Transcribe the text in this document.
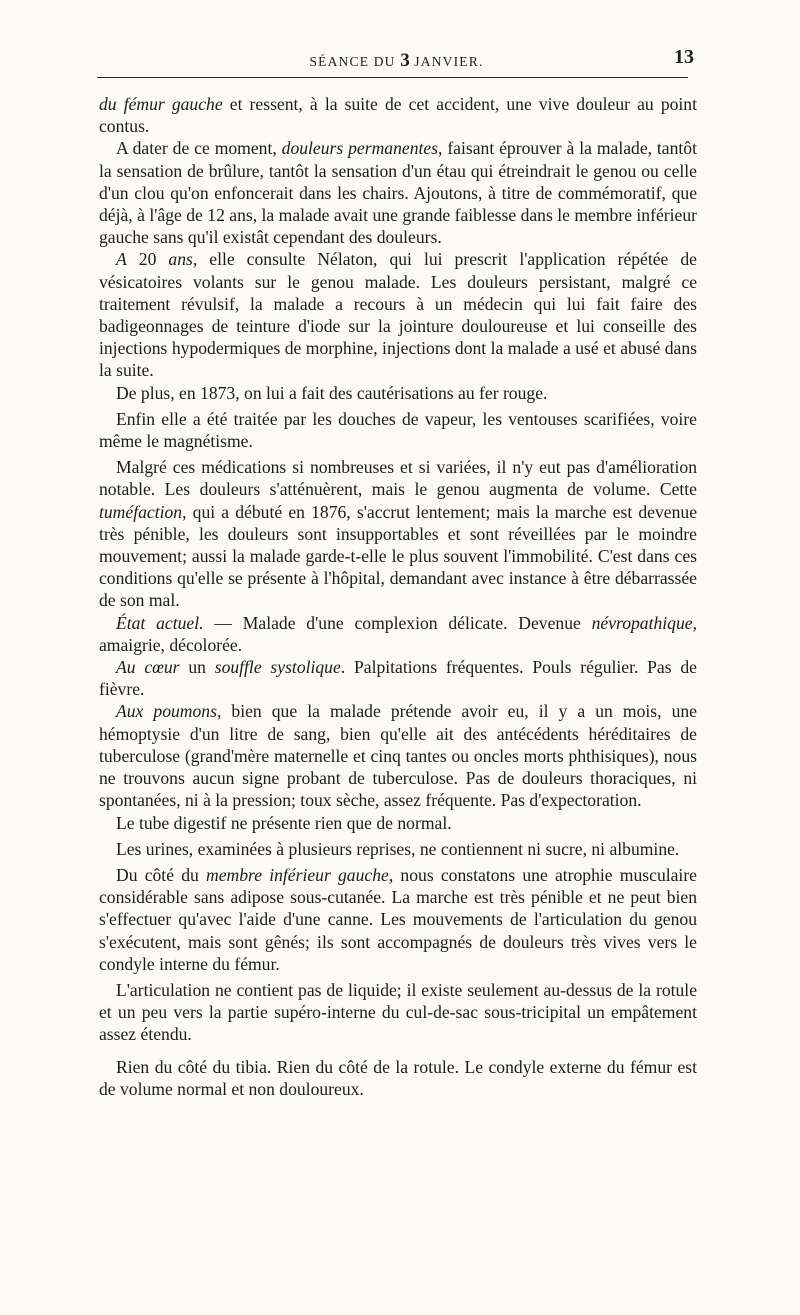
SÉANCE DU 3 JANVIER.	13

du fémur gauche et ressent, à la suite de cet accident, une vive douleur au point contus.

A dater de ce moment, douleurs permanentes, faisant éprouver à la malade, tantôt la sensation de brûlure, tantôt la sensation d'un étau qui étreindrait le genou ou celle d'un clou qu'on enfoncerait dans les chairs. Ajoutons, à titre de commémoratif, que déjà, à l'âge de 12 ans, la malade avait une grande faiblesse dans le membre inférieur gauche sans qu'il existât cependant des douleurs.

A 20 ans, elle consulte Nélaton, qui lui prescrit l'application répétée de vésicatoires volants sur le genou malade. Les douleurs persistant, malgré ce traitement révulsif, la malade a recours à un médecin qui lui fait faire des badigeonnages de teinture d'iode sur la jointure douloureuse et lui conseille des injections hypodermiques de morphine, injections dont la malade a usé et abusé dans la suite.

De plus, en 1873, on lui a fait des cautérisations au fer rouge.

Enfin elle a été traitée par les douches de vapeur, les ventouses scarifiées, voire même le magnétisme.

Malgré ces médications si nombreuses et si variées, il n'y eut pas d'amélioration notable. Les douleurs s'atténuèrent, mais le genou augmenta de volume. Cette tuméfaction, qui a débuté en 1876, s'accrut lentement; mais la marche est devenue très pénible, les douleurs sont insupportables et sont réveillées par le moindre mouvement; aussi la malade garde-t-elle le plus souvent l'immobilité. C'est dans ces conditions qu'elle se présente à l'hôpital, demandant avec instance à être débarrassée de son mal.

État actuel. — Malade d'une complexion délicate. Devenue névropathique, amaigrie, décolorée.

Au cœur un souffle systolique. Palpitations fréquentes. Pouls régulier. Pas de fièvre.

Aux poumons, bien que la malade prétende avoir eu, il y a un mois, une hémoptysie d'un litre de sang, bien qu'elle ait des antécédents héréditaires de tuberculose (grand'mère maternelle et cinq tantes ou oncles morts phthisiques), nous ne trouvons aucun signe probant de tuberculose. Pas de douleurs thoraciques, ni spontanées, ni à la pression; toux sèche, assez fréquente. Pas d'expectoration.

Le tube digestif ne présente rien que de normal.

Les urines, examinées à plusieurs reprises, ne contiennent ni sucre, ni albumine.

Du côté du membre inférieur gauche, nous constatons une atrophie musculaire considérable sans adipose sous-cutanée. La marche est très pénible et ne peut bien s'effectuer qu'avec l'aide d'une canne. Les mouvements de l'articulation du genou s'exécutent, mais sont gênés; ils sont accompagnés de douleurs très vives vers le condyle interne du fémur.

L'articulation ne contient pas de liquide; il existe seulement au-dessus de la rotule et un peu vers la partie supéro-interne du cul-de-sac sous-tricipital un empâtement assez étendu.

Rien du côté du tibia. Rien du côté de la rotule. Le condyle externe du fémur est de volume normal et non douloureux.
